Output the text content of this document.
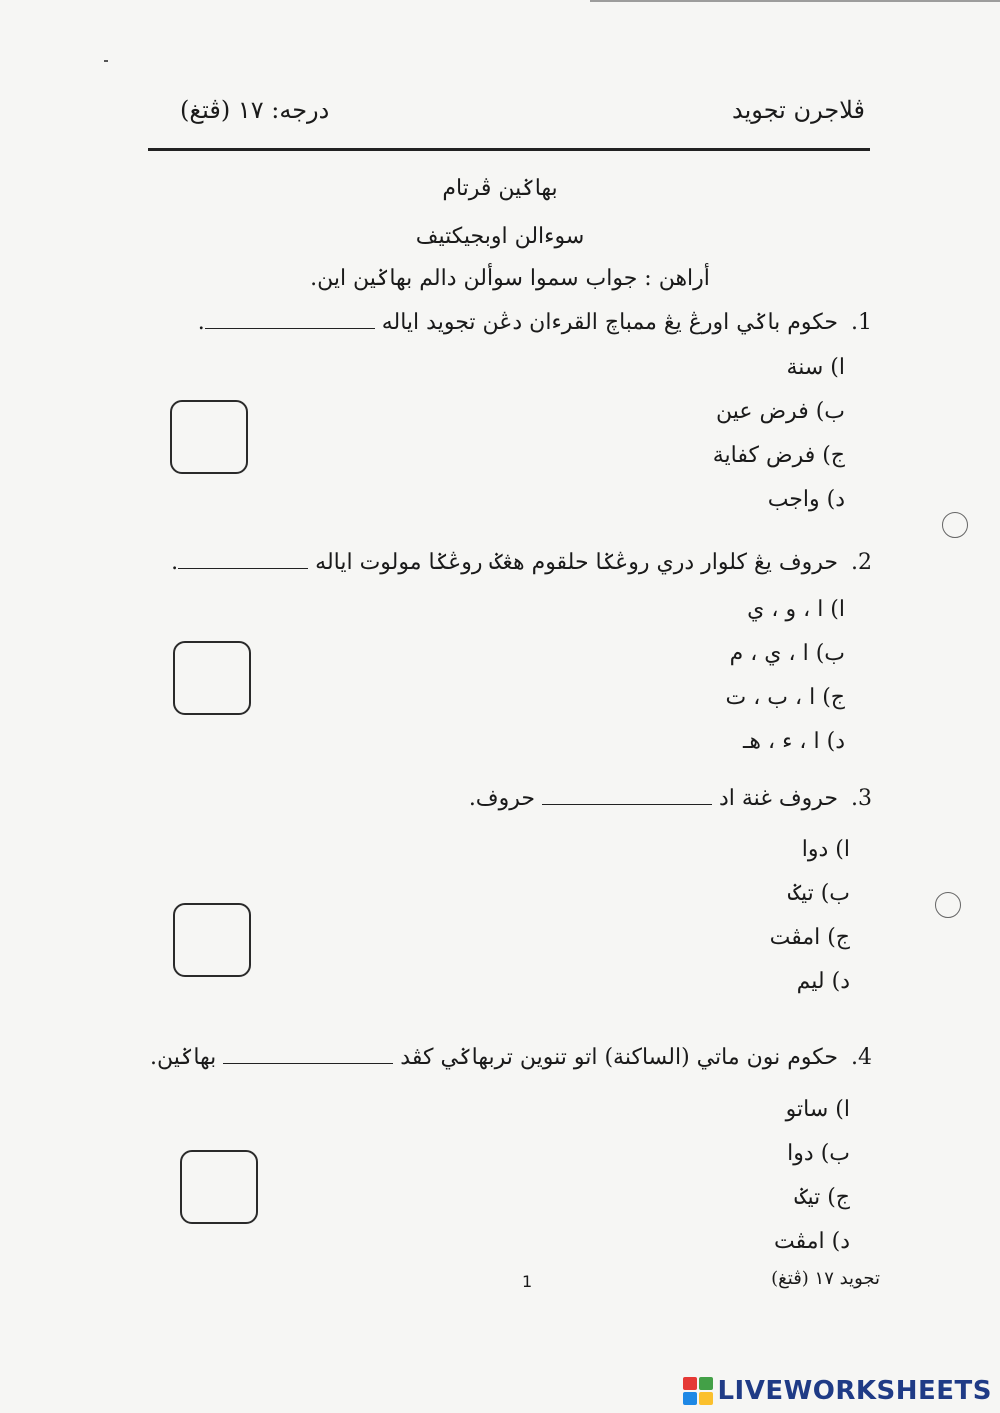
ڤلاجرن تجويد
درجه: ١٧ (ڤتغ)
بهاݢين ڤرتام
سوءالن اوبجيکتيف
أراهن : جواب سموا سوألن دالم بهاݢين اين.
1. حکوم باݢي اورڠ يڠ ممباچ القرءان دڠن تجويد اياله .
ا) سنة
ب) فرض عين
ج) فرض کفاية
د) واجب
2. حروف يڠ کلوار دري روڠݢا حلقوم هڠݢ روڠݢا مولوت اياله .
ا) ا ، و ، ي
ب) ا ، ي ، م
ج) ا ، ب ، ت
د) ا ، ء ، هـ
3. حروف غنة اد  حروف.
ا) دوا
ب) تيݢ
ج) امڤت
د) ليم
4. حکوم نون ماتي (الساکنة) اتو تنوين تربهاݢي کڤد  بهاݢين.
ا) ساتو
ب) دوا
ج) تيݢ
د) امڤت
1	تجويد ١٧ (ڤتغ)
LIVEWORKSHEETS
